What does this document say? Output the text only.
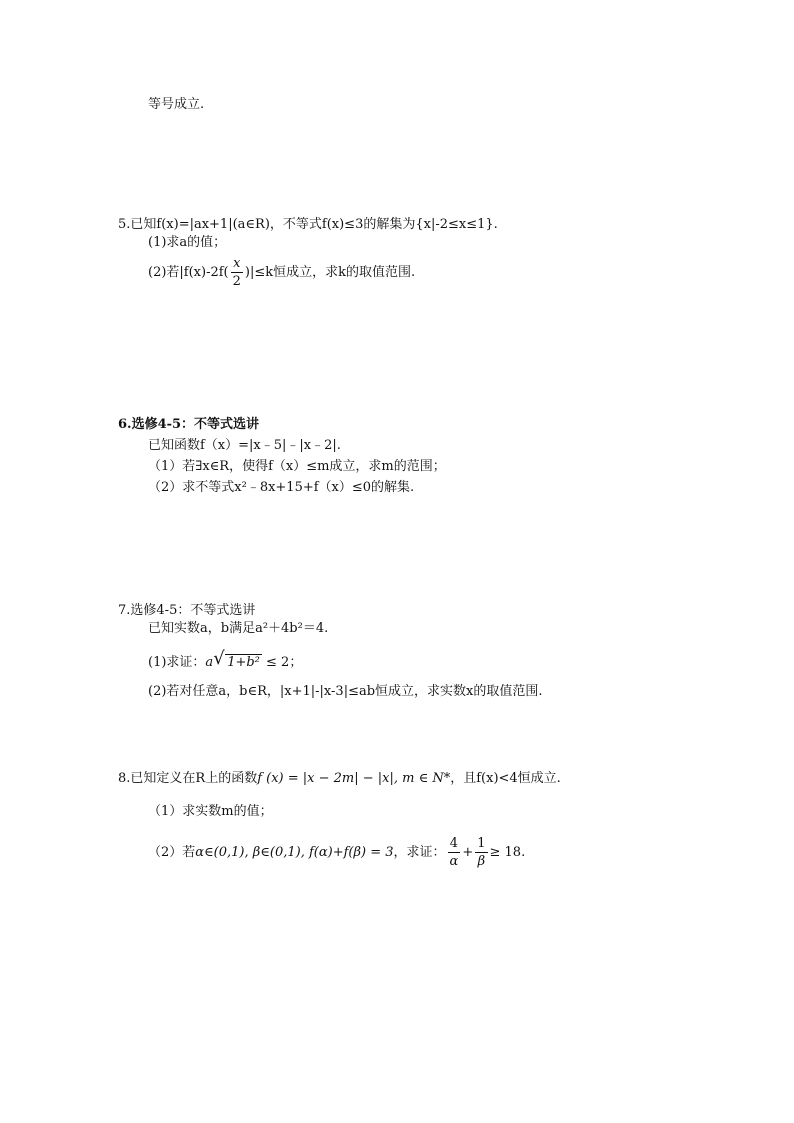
等号成立.
5.已知f(x)=|ax+1|(a∈R)，不等式f(x)≤3的解集为{x|-2≤x≤1}.
(1)求a的值；
(2)若$|f(x)-2f( \frac{x}{2} )|\le k$恒成立，求k的取值范围.
6.选修4-5：不等式选讲
已知函数f（x）=|x﹣5|﹣|x﹣2|.
（1）若∃x∈R，使得f（x）≤m成立，求m的范围；
（2）求不等式x²﹣8x+15+f（x）≤0的解集.
7.选修4-5：不等式选讲
已知实数a，b满足a²＋4b²＝4.
(1)求证：a √ 1+b² ≤ 2；
(2)若对任意a，b∈R，|x+1|-|x-3|≤ab恒成立，求实数x的取值范围.
8.已知定义在R上的函数f (x) = |x − 2m| − |x|, m ∈ N*，且f(x)<4恒成立.
（1）求实数m的值；
（2）若α∈(0,1), β∈(0,1), f(α)+f(β) = 3，求证： $\frac{4}{\alpha} + \frac{1}{\beta} \ge 18$.
